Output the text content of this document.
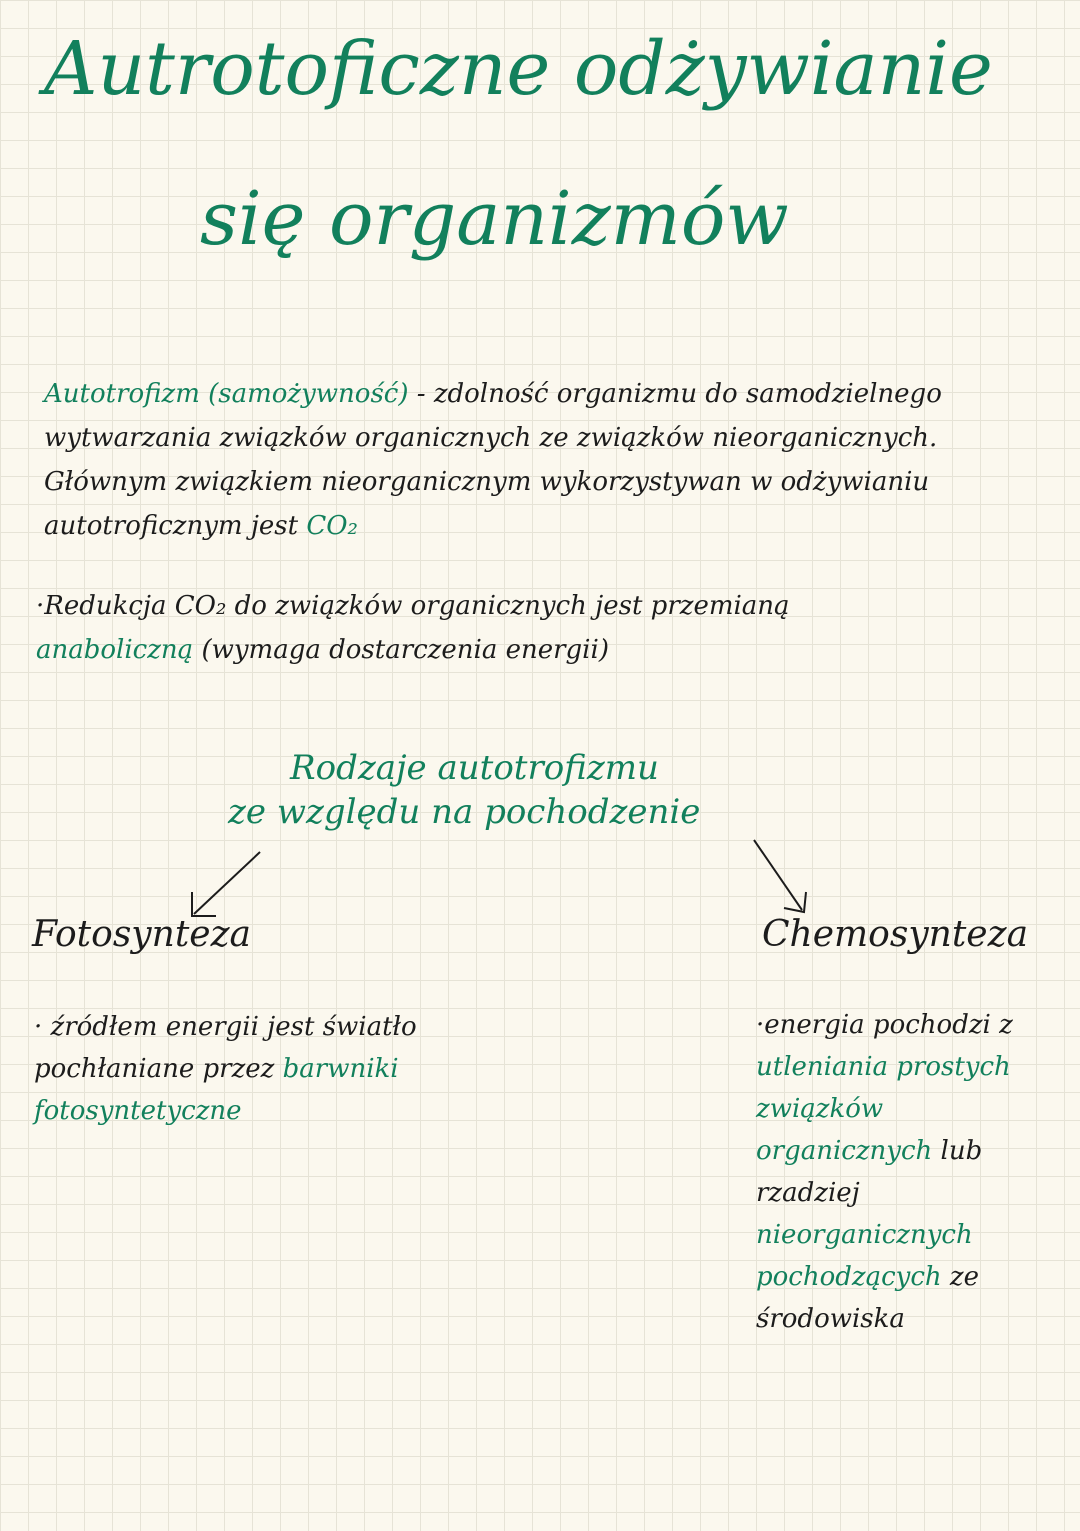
Autrotoficzne odżywianie
się organizmów
Autotrofizm (samożywność) - zdolność organizmu do samodzielnego wytwarzania związków organicznych ze związków nieorganicznych. Głównym związkiem nieorganicznym wykorzystywan w odżywianiu autotroficznym jest CO₂
·Redukcja CO₂ do związków organicznych jest przemianą
anaboliczną (wymaga dostarczenia energii)
Rodzaje autotrofizmu
ze względu na pochodzenie
Fotosynteza	Chemosynteza
· źródłem energii jest światło pochłaniane przez barwniki fotosyntetyczne
·energia pochodzi z utleniania prostych związków organicznych lub rzadziej nieorganicznych pochodzących ze środowiska
